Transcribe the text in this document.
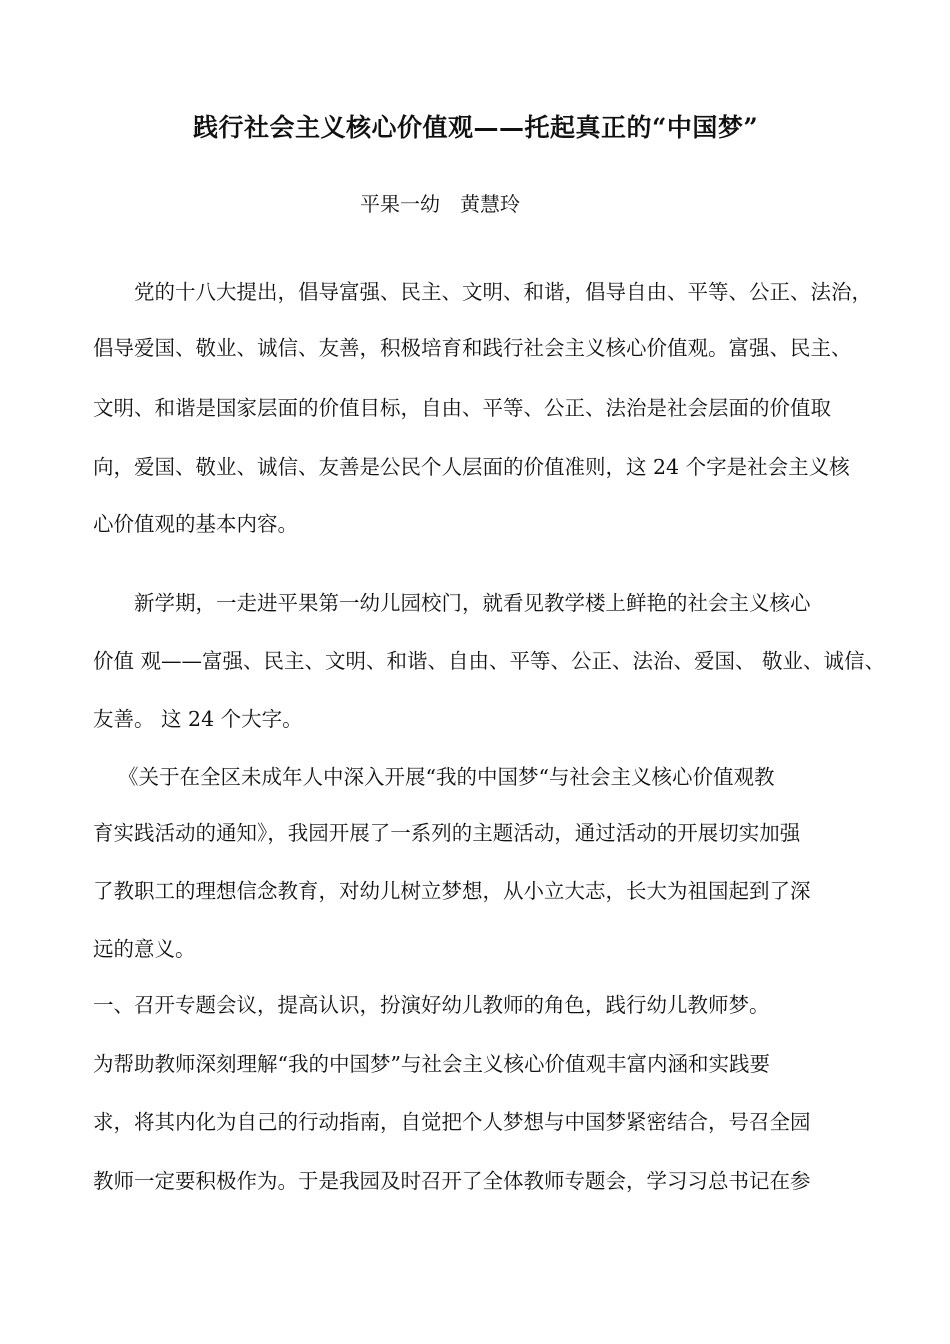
践行社会主义核心价值观——托起真正的“中国梦”
平果一幼　黄慧玲
党的十八大提出，倡导富强、民主、文明、和谐，倡导自由、平等、公正、法治，
倡导爱国、敬业、诚信、友善，积极培育和践行社会主义核心价值观。富强、民主、
文明、和谐是国家层面的价值目标，自由、平等、公正、法治是社会层面的价值取
向，爱国、敬业、诚信、友善是公民个人层面的价值准则，这 24 个字是社会主义核
心价值观的基本内容。
新学期，一走进平果第一幼儿园校门，就看见教学楼上鲜艳的社会主义核心
价值 观——富强、民主、文明、和谐、自由、平等、公正、法治、爱国、 敬业、诚信、
友善。 这 24 个大字。
《关于在全区未成年人中深入开展“我的中国梦“与社会主义核心价值观教
育实践活动的通知》，我园开展了一系列的主题活动，通过活动的开展切实加强
了教职工的理想信念教育，对幼儿树立梦想，从小立大志，长大为祖国起到了深
远的意义。
一、召开专题会议，提高认识，扮演好幼儿教师的角色，践行幼儿教师梦。
为帮助教师深刻理解“我的中国梦”与社会主义核心价值观丰富内涵和实践要
求，将其内化为自己的行动指南，自觉把个人梦想与中国梦紧密结合，号召全园
教师一定要积极作为。于是我园及时召开了全体教师专题会，学习习总书记在参
